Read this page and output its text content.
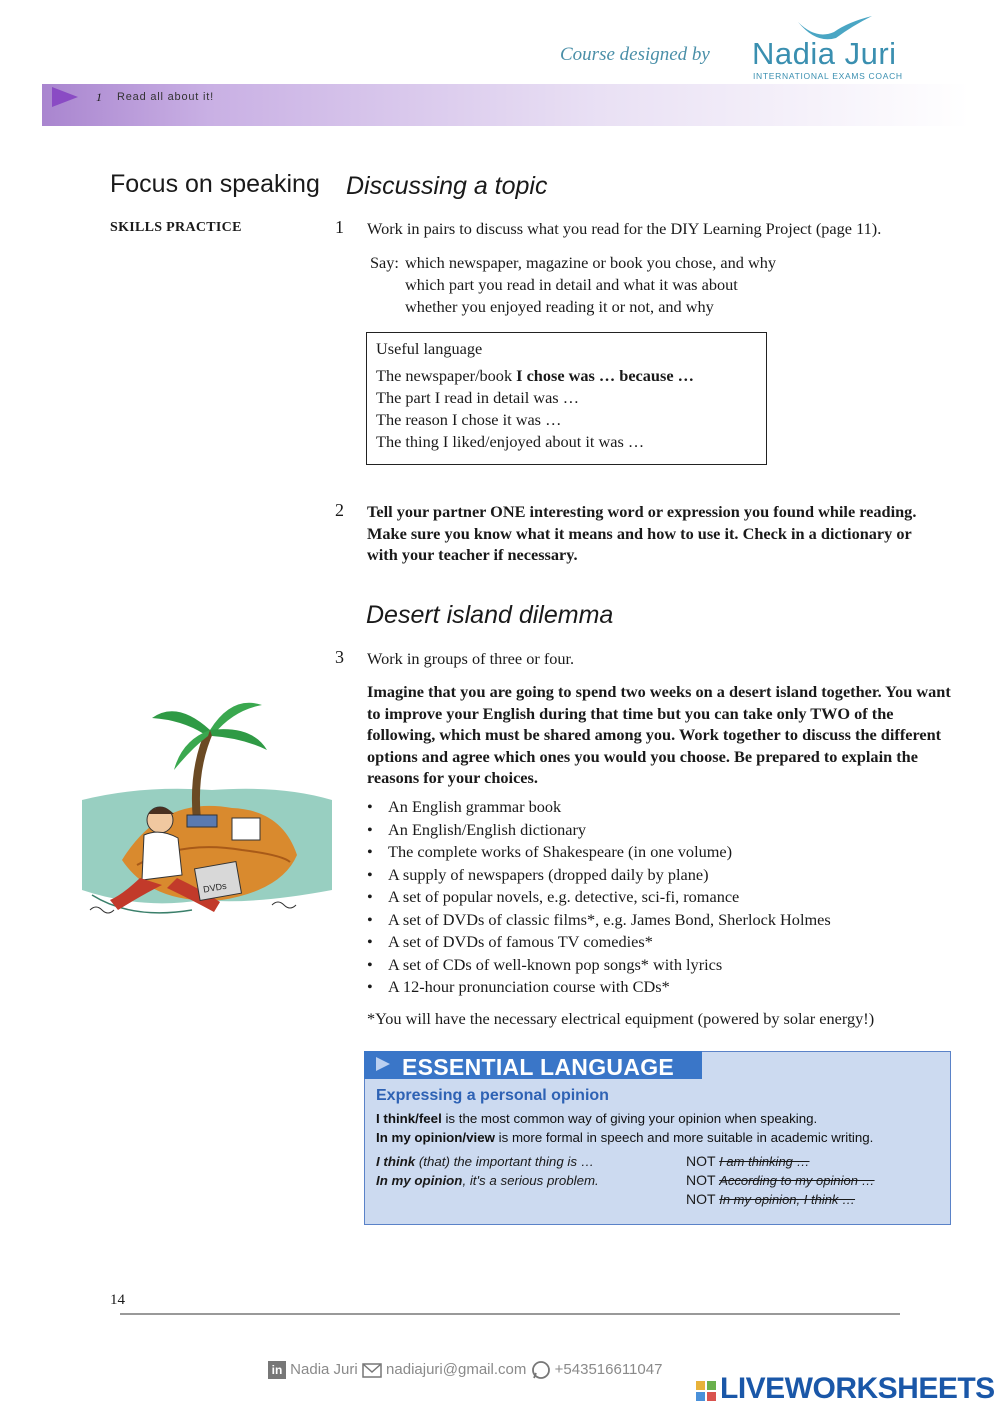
Course designed by Nadia Juri
INTERNATIONAL EXAMS COACH
1 Read all about it!
Focus on speaking Discussing a topic
SKILLS PRACTICE	1 Work in pairs to discuss what you read for the DIY Learning Project (page 11).
Say: which newspaper, magazine or book you chose, and why
which part you read in detail and what it was about
whether you enjoyed reading it or not, and why
Useful language
The newspaper/book I chose was … because …
The part I read in detail was …
The reason I chose it was …
The thing I liked/enjoyed about it was …
2 Tell your partner ONE interesting word or expression you found while reading. Make sure you know what it means and how to use it. Check in a dictionary or with your teacher if necessary.
Desert island dilemma
DVDs
3 Work in groups of three or four.
Imagine that you are going to spend two weeks on a desert island together. You want to improve your English during that time but you can take only TWO of the following, which must be shared among you. Work together to discuss the different options and agree which ones you would you choose. Be prepared to explain the reasons for your choices.
• An English grammar book
• An English/English dictionary
• The complete works of Shakespeare (in one volume)
• A supply of newspapers (dropped daily by plane)
• A set of popular novels, e.g. detective, sci-fi, romance
• A set of DVDs of classic films*, e.g. James Bond, Sherlock Holmes
• A set of DVDs of famous TV comedies*
• A set of CDs of well-known pop songs* with lyrics
• A 12-hour pronunciation course with CDs*
*You will have the necessary electrical equipment (powered by solar energy!)
ESSENTIAL LANGUAGE
Expressing a personal opinion
I think/feel is the most common way of giving your opinion when speaking.
In my opinion/view is more formal in speech and more suitable in academic writing.
I think (that) the important thing is …
In my opinion, it's a serious problem.
NOT I am thinking …
NOT According to my opinion …
NOT In my opinion, I think …
14
in Nadia Juri nadiajuri@gmail.com +543516611047
LIVEWORKSHEETS
